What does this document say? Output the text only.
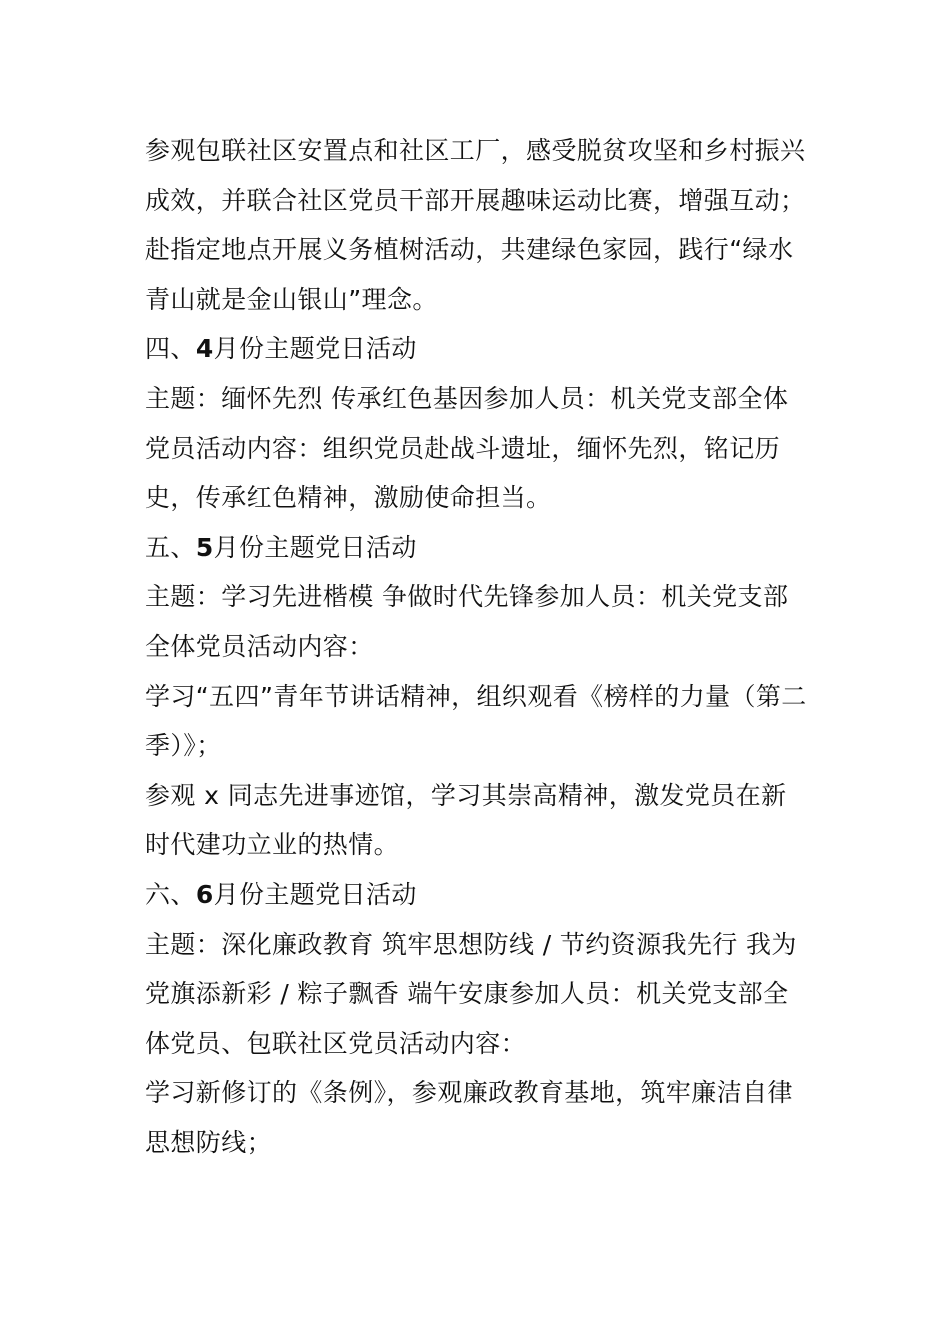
参观包联社区安置点和社区工厂，感受脱贫攻坚和乡村振兴成效，并联合社区党员干部开展趣味运动比赛，增强互动；

赴指定地点开展义务植树活动，共建绿色家园，践行“绿水青山就是金山银山”理念。

四、4月份主题党日活动

主题：缅怀先烈 传承红色基因参加人员：机关党支部全体党员活动内容：组织党员赴战斗遗址，缅怀先烈，铭记历史，传承红色精神，激励使命担当。

五、5月份主题党日活动

主题：学习先进楷模 争做时代先锋参加人员：机关党支部全体党员活动内容：

学习“五四”青年节讲话精神，组织观看《榜样的力量（第二季）》；

参观 x 同志先进事迹馆，学习其崇高精神，激发党员在新时代建功立业的热情。

六、6月份主题党日活动

主题：深化廉政教育 筑牢思想防线 / 节约资源我先行 我为党旗添新彩 / 粽子飘香 端午安康参加人员：机关党支部全体党员、包联社区党员活动内容：

学习新修订的《条例》，参观廉政教育基地，筑牢廉洁自律思想防线；
